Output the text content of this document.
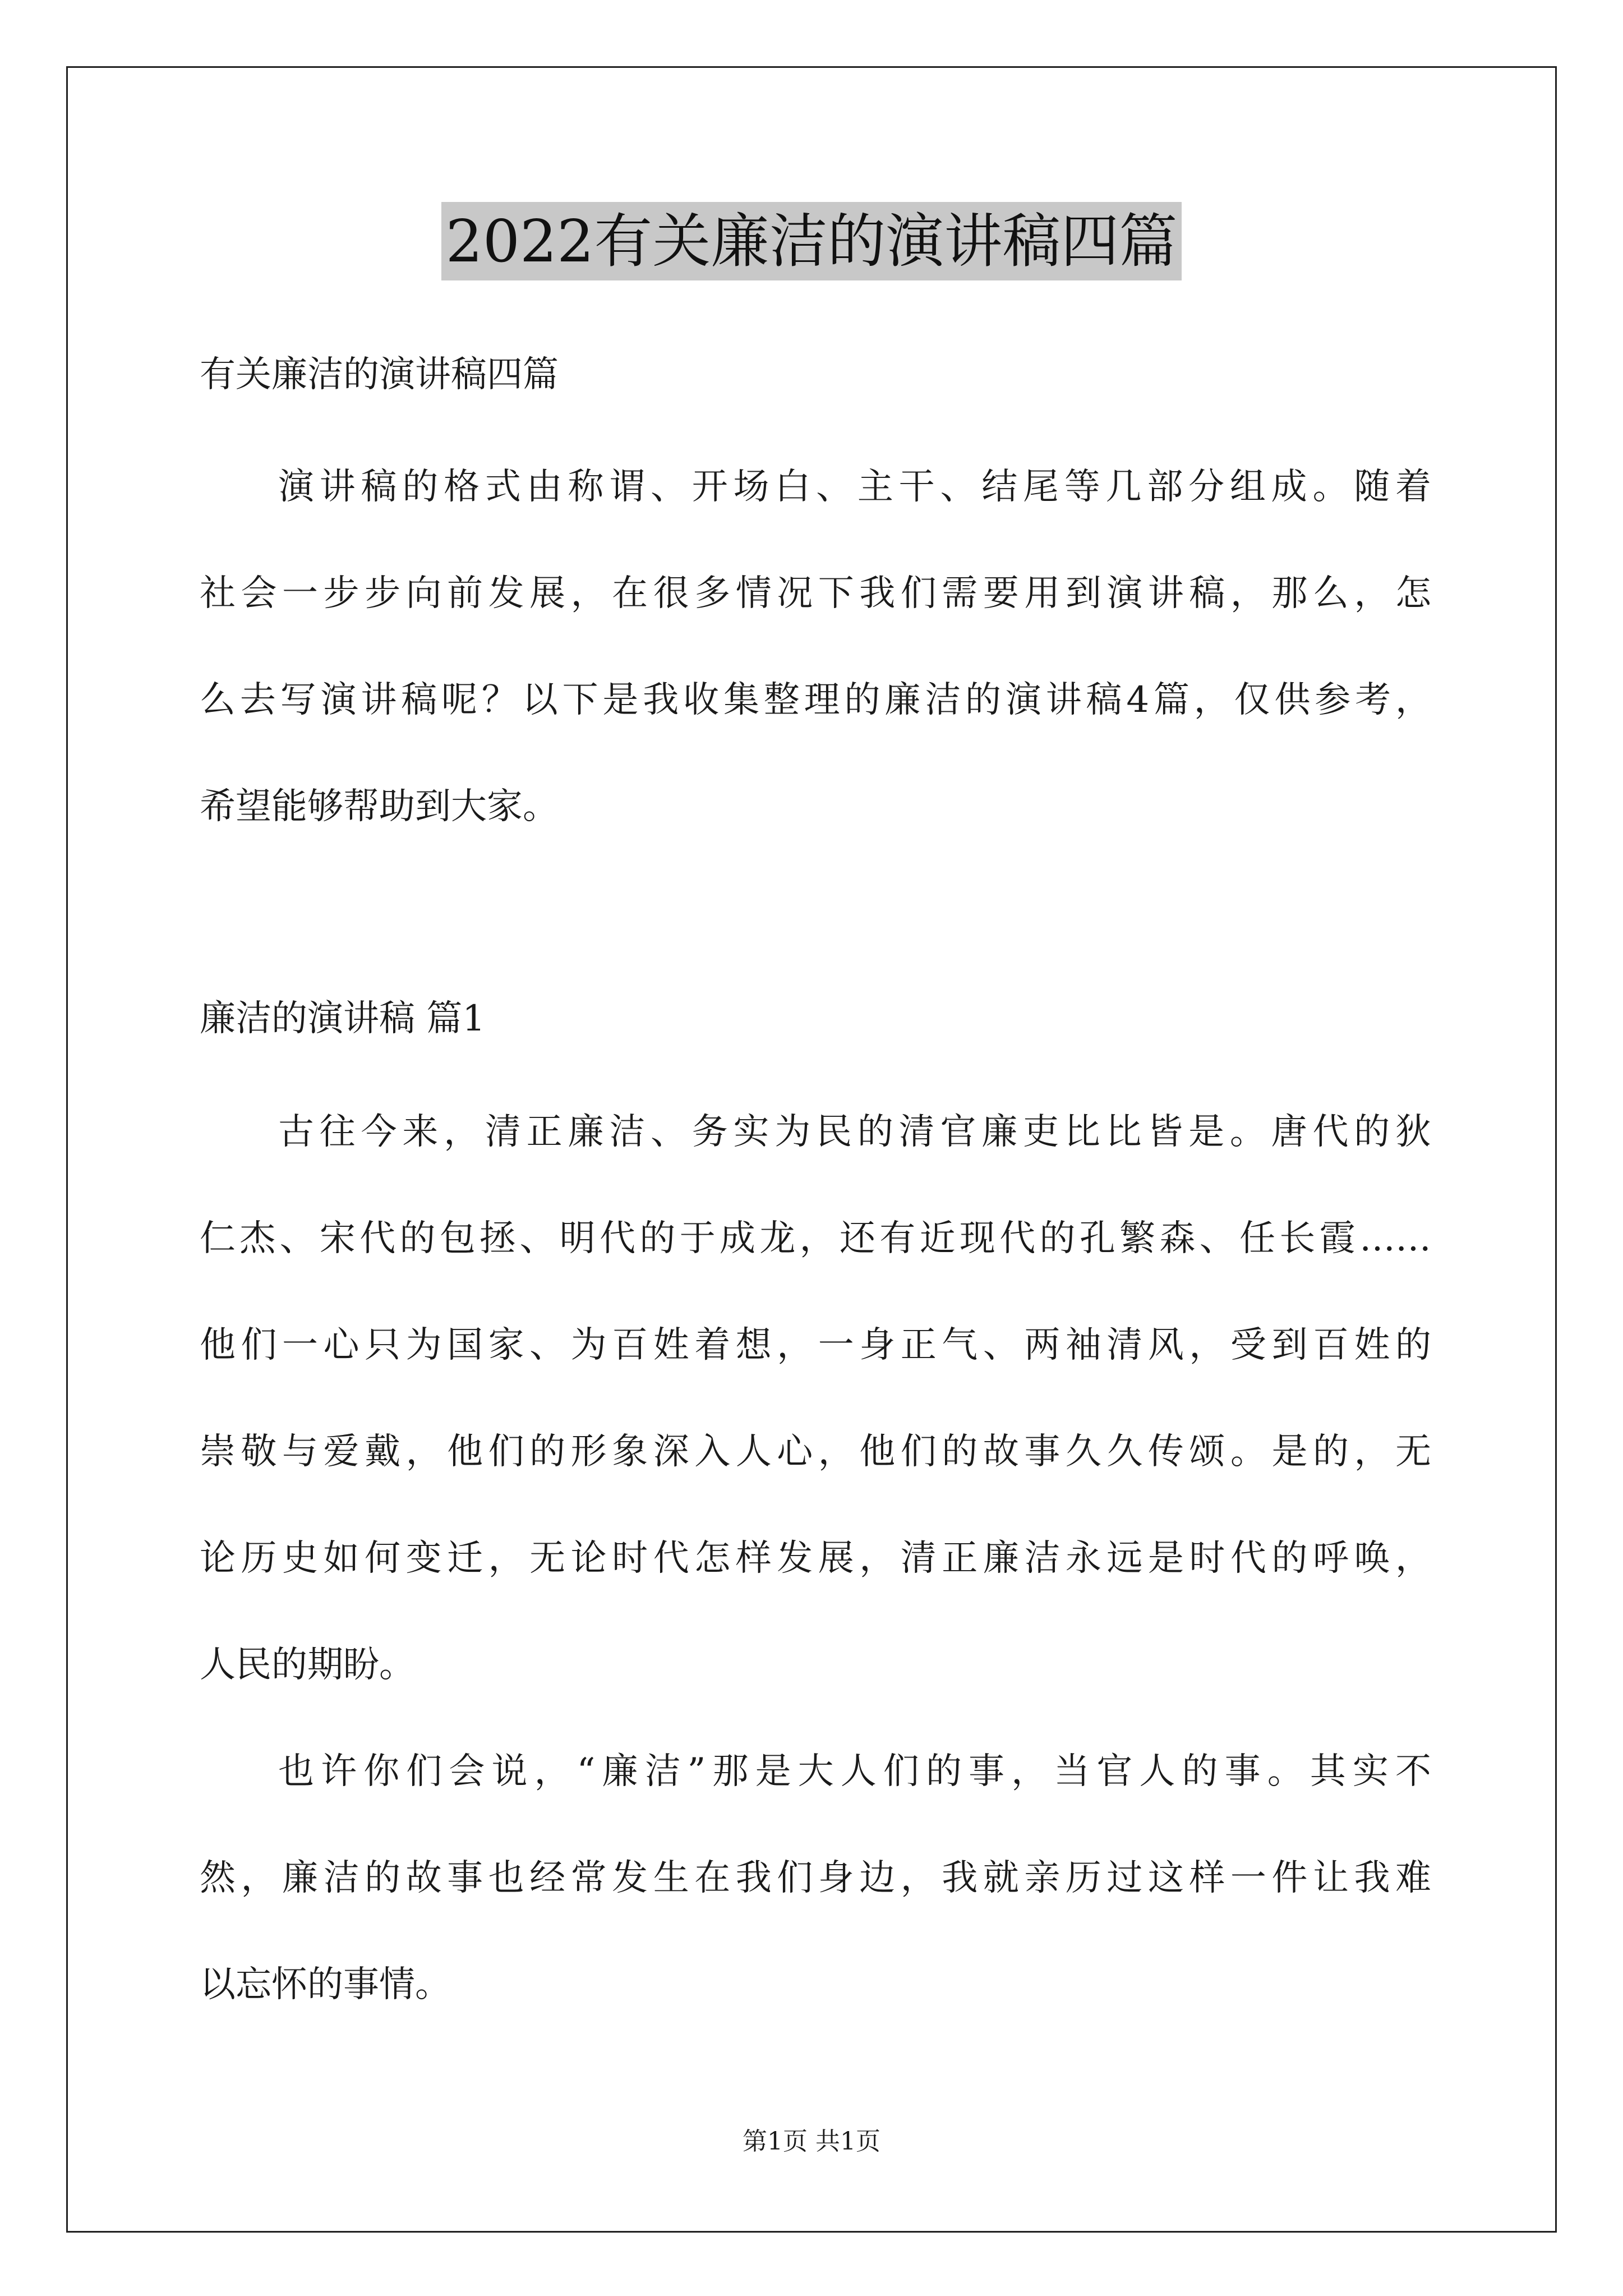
2022有关廉洁的演讲稿四篇
有关廉洁的演讲稿四篇
演讲稿的格式由称谓、开场白、主干、结尾等几部分组成。随着
社会一步步向前发展，在很多情况下我们需要用到演讲稿，那么，怎
么去写演讲稿呢？以下是我收集整理的廉洁的演讲稿4篇，仅供参考，
希望能够帮助到大家。
廉洁的演讲稿 篇1
古往今来，清正廉洁、务实为民的清官廉吏比比皆是。唐代的狄
仁杰、宋代的包拯、明代的于成龙，还有近现代的孔繁森、任长霞……
他们一心只为国家、为百姓着想，一身正气、两袖清风，受到百姓的
崇敬与爱戴，他们的形象深入人心，他们的故事久久传颂。是的，无
论历史如何变迁，无论时代怎样发展，清正廉洁永远是时代的呼唤，
人民的期盼。
也许你们会说，“廉洁”那是大人们的事，当官人的事。其实不
然，廉洁的故事也经常发生在我们身边，我就亲历过这样一件让我难
以忘怀的事情。
第1页 共1页
